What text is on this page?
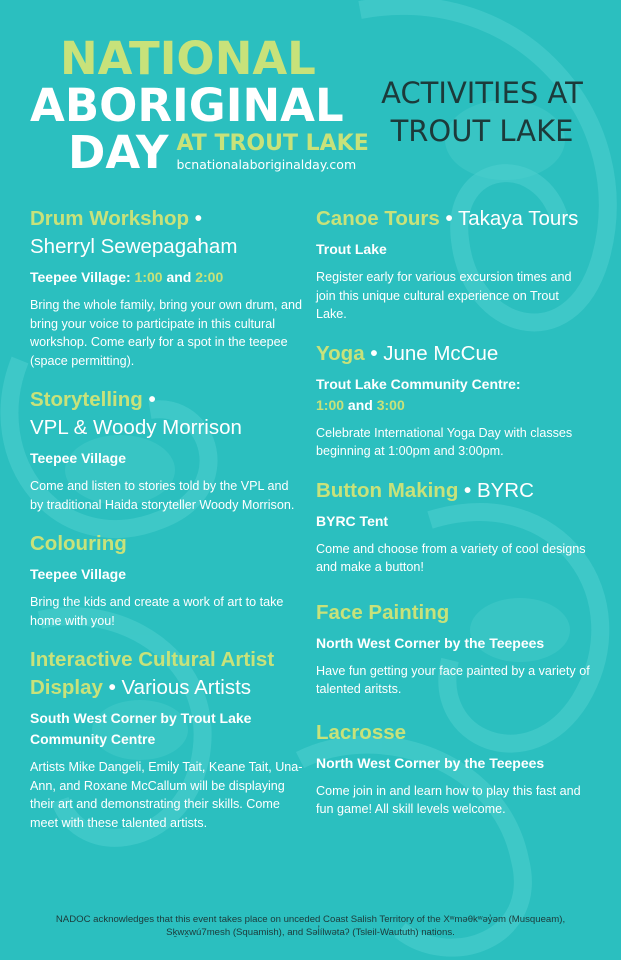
NATIONAL
ABORIGINAL
DAY AT TROUT LAKE
bcnationalaboriginalday.com
ACTIVITIES AT TROUT LAKE
Drum Workshop •
Sherryl Sewepagaham
Teepee Village: 1:00 and 2:00
Bring the whole family, bring your own drum, and bring your voice to participate in this cultural workshop. Come early for a spot in the teepee (space permitting).
Storytelling •
VPL & Woody Morrison
Teepee Village
Come and listen to stories told by the VPL and by traditional Haida storyteller Woody Morrison.
Colouring
Teepee Village
Bring the kids and create a work of art to take home with you!
Interactive Cultural Artist Display • Various Artists
South West Corner by Trout Lake Community Centre
Artists Mike Dangeli, Emily Tait, Keane Tait, Una-Ann, and Roxane McCallum will be displaying their art and demonstrating their skills. Come meet with these talented artists.
Canoe Tours • Takaya Tours
Trout Lake
Register early for various excursion times and join this unique cultural experience on Trout Lake.
Yoga • June McCue
Trout Lake Community Centre:
1:00 and 3:00
Celebrate International Yoga Day with classes beginning at 1:00pm and 3:00pm.
Button Making • BYRC
BYRC Tent
Come and choose from a variety of cool designs and make a button!
Face Painting
North West Corner by the Teepees
Have fun getting your face painted by a variety of talented aritsts.
Lacrosse
North West Corner by the Teepees
Come join in and learn how to play this fast and fun game! All skill levels welcome.
NADOC acknowledges that this event takes place on unceded Coast Salish Territory of the Xʷməθkʷəy̓əm (Musqueam), Sḵwx̱wú7mesh (Squamish), and Səl̓ílwətaʔ (Tsleil-Waututh) nations.
